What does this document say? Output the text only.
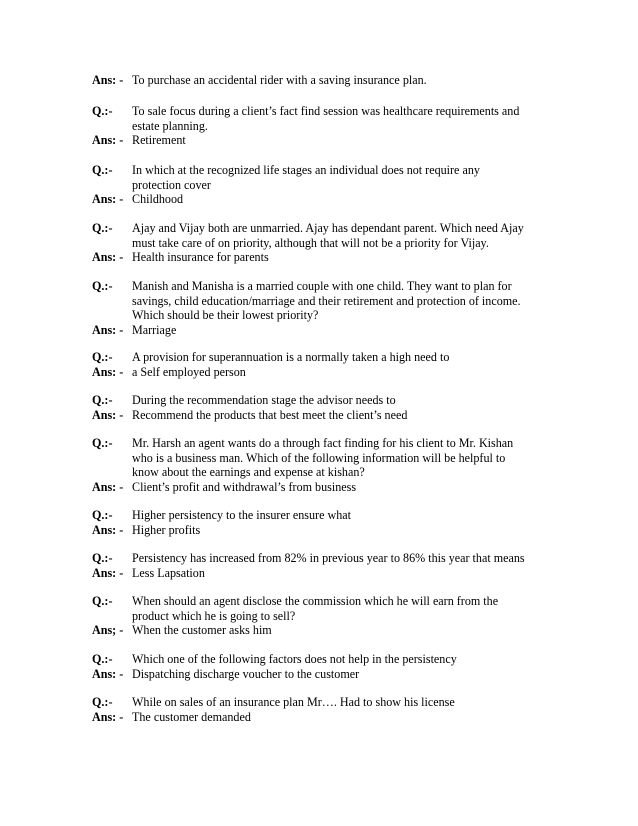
Ans: - To purchase an accidental rider with a saving insurance plan.
Q.:-	To sale focus during a client’s fact find session was healthcare requirements and
estate planning.
Ans: - Retirement
Q.:-	In which at the recognized life stages an individual does not require any
protection cover
Ans: - Childhood
Q.:-	Ajay and Vijay both are unmarried. Ajay has dependant parent. Which need Ajay
must take care of on priority, although that will not be a priority for Vijay.
Ans: - Health insurance for parents
Q.:-	Manish and Manisha is a married couple with one child. They want to plan for
savings, child education/marriage and their retirement and protection of income.
Which should be their lowest priority?
Ans: - Marriage
Q.:-	A provision for superannuation is a normally taken a high need to
Ans: - a Self employed person
Q.:-	During the recommendation stage the advisor needs to
Ans: - Recommend the products that best meet the client’s need
Q.:-	Mr. Harsh an agent wants do a through fact finding for his client to Mr. Kishan
who is a business man. Which of the following information will be helpful to
know about the earnings and expense at kishan?
Ans: - Client’s profit and withdrawal’s from business
Q.:-	Higher persistency to the insurer ensure what
Ans: - Higher profits
Q.:-	Persistency has increased from 82% in previous year to 86% this year that means
Ans: - Less Lapsation
Q.:-	When should an agent disclose the commission which he will earn from the
product which he is going to sell?
Ans; - When the customer asks him
Q.:-	Which one of the following factors does not help in the persistency
Ans: - Dispatching discharge voucher to the customer
Q.:-	While on sales of an insurance plan Mr…. Had to show his license
Ans: - The customer demanded
